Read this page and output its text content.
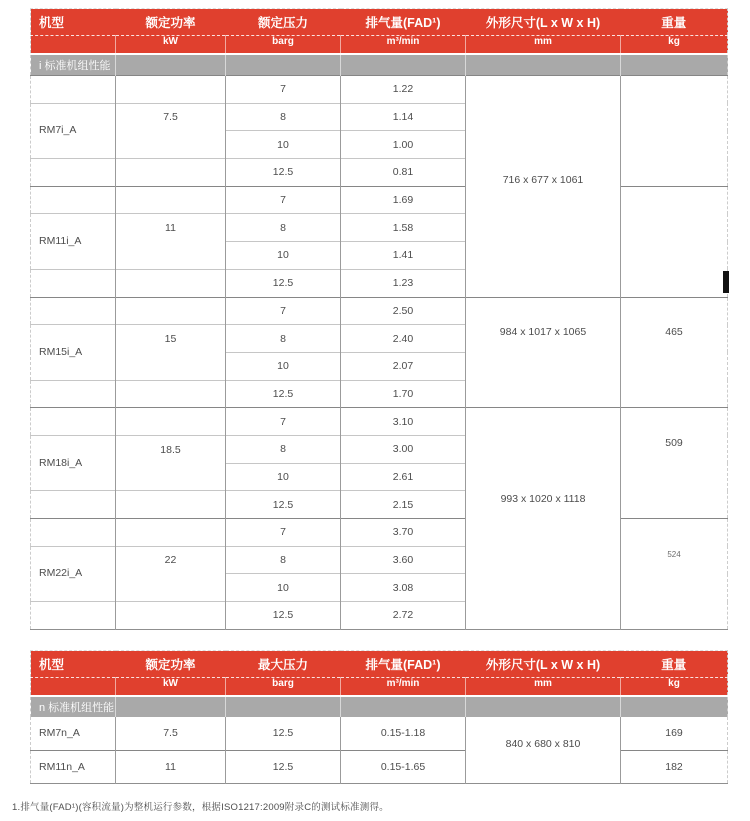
机型	额定功率	额定压力	排气量(FAD¹)	外形尺寸(L x W x H)	重量
	kW	barg	m³/min	mm	kg
i 标准机组性能					
		7	1.22	716 x 677 x 1061	
	7.5	8	1.14		
RM7i_A		10	1.00		
		12.5	0.81		
		7	1.69		
	11	8	1.58		
RM11i_A		10	1.41		
		12.5	1.23		
		7	2.50	984 x 1017 x 1065	465
	15	8	2.40		
RM15i_A		10	2.07		
		12.5	1.70		
		7	3.10	993 x 1020 x 1118	509
	18.5	8	3.00		
RM18i_A		10	2.61		
		12.5	2.15		
		7	3.70		524
	22	8	3.60		
RM22i_A		10	3.08		
		12.5	2.72		
机型	额定功率	最大压力	排气量(FAD¹)	外形尺寸(L x W x H)	重量
	kW	barg	m³/min	mm	kg
n 标准机组性能					
RM7n_A	7.5	12.5	0.15-1.18	840 x 680 x 810	169
RM11n_A	11	12.5	0.15-1.65		182
1.排气量(FAD¹)(容积流量)为整机运行参数，根据ISO1217:2009附录C的测试标准测得。
